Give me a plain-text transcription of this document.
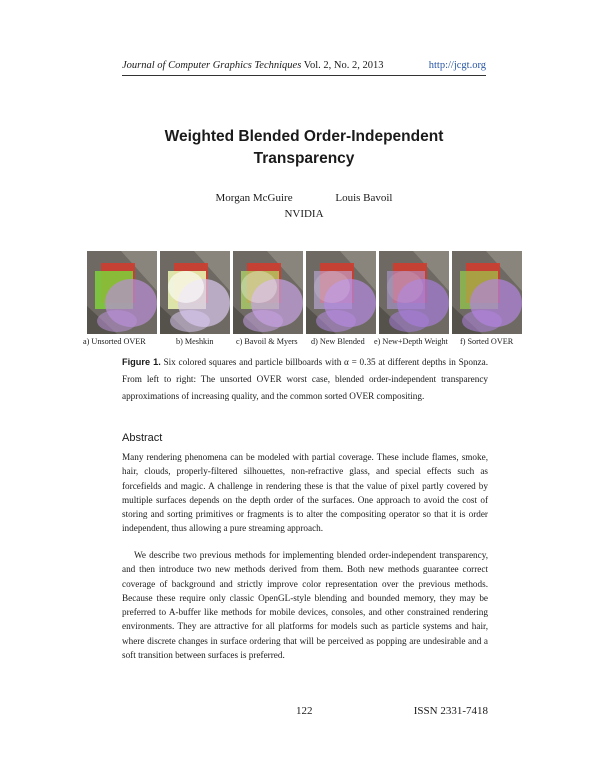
Journal of Computer Graphics Techniques Vol. 2, No. 2, 2013	http://jcgt.org
Weighted Blended Order-Independent
Transparency
Morgan McGuire	Louis Bavoil
NVIDIA
a) Unsorted OVER	b) Meshkin	c) Bavoil & Myers d) New Blended e) New+Depth Weight f) Sorted OVER
Figure 1. Six colored squares and particle billboards with α = 0.35 at different depths in Sponza. From left to right: The unsorted OVER worst case, blended order-independent transparency approximations of increasing quality, and the common sorted OVER compositing.
Abstract
Many rendering phenomena can be modeled with partial coverage. These include flames, smoke, hair, clouds, properly-filtered silhouettes, non-refractive glass, and special effects such as forcefields and magic. A challenge in rendering these is that the value of pixel partly covered by multiple surfaces depends on the depth order of the surfaces. One approach to avoid the cost of storing and sorting primitives or fragments is to alter the compositing operator so that it is order independent, thus allowing a pure streaming approach.
We describe two previous methods for implementing blended order-independent transparency, and then introduce two new methods derived from them. Both new methods guarantee correct coverage of background and strictly improve color representation over the previous methods. Because these require only classic OpenGL-style blending and bounded memory, they may be preferred to A-buffer like methods for mobile devices, consoles, and other constrained rendering environments. They are attractive for all platforms for models such as particle systems and hair, where discrete changes in surface ordering that will be perceived as popping are undesirable and a soft transition between surfaces is preferred.
122	ISSN 2331-7418
